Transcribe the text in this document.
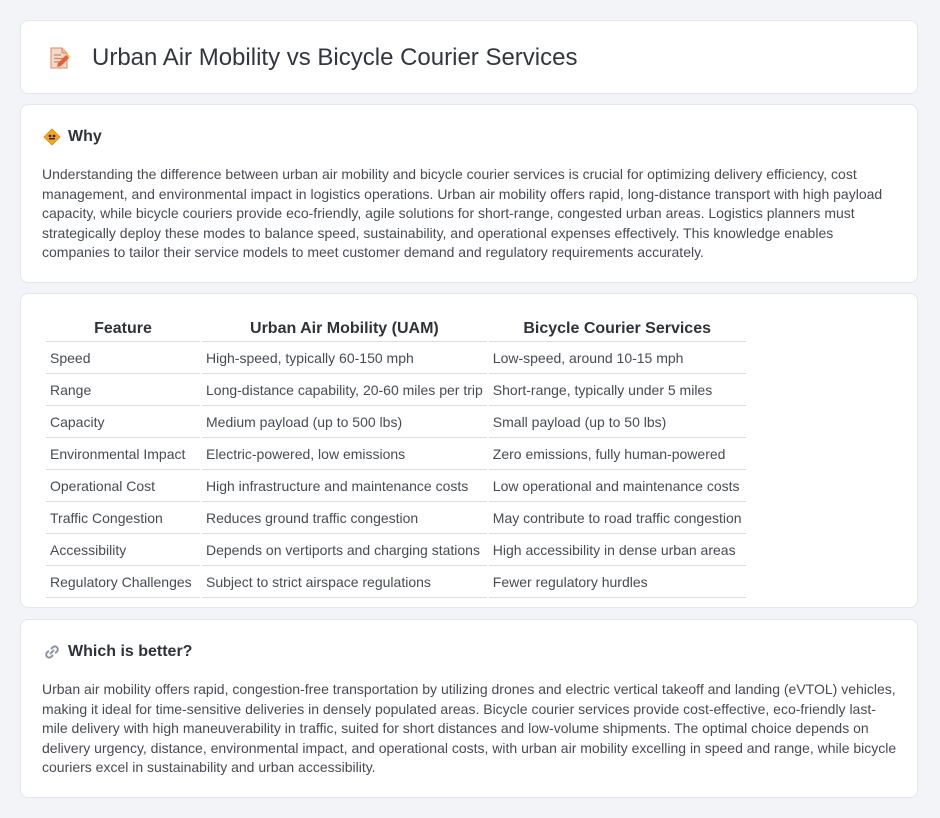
Urban Air Mobility vs Bicycle Courier Services
Why

Understanding the difference between urban air mobility and bicycle courier services is crucial for optimizing delivery efficiency, cost management, and environmental impact in logistics operations. Urban air mobility offers rapid, long-distance transport with high payload capacity, while bicycle couriers provide eco-friendly, agile solutions for short-range, congested urban areas. Logistics planners must strategically deploy these modes to balance speed, sustainability, and operational expenses effectively. This knowledge enables companies to tailor their service models to meet customer demand and regulatory requirements accurately.

Feature	Urban Air Mobility (UAM)	Bicycle Courier Services
Speed	High-speed, typically 60-150 mph	Low-speed, around 10-15 mph
Range	Long-distance capability, 20-60 miles per trip	Short-range, typically under 5 miles
Capacity	Medium payload (up to 500 lbs)	Small payload (up to 50 lbs)
Environmental Impact	Electric-powered, low emissions	Zero emissions, fully human-powered
Operational Cost	High infrastructure and maintenance costs	Low operational and maintenance costs
Traffic Congestion	Reduces ground traffic congestion	May contribute to road traffic congestion
Accessibility	Depends on vertiports and charging stations	High accessibility in dense urban areas
Regulatory Challenges	Subject to strict airspace regulations	Fewer regulatory hurdles
Which is better?

Urban air mobility offers rapid, congestion-free transportation by utilizing drones and electric vertical takeoff and landing (eVTOL) vehicles, making it ideal for time-sensitive deliveries in densely populated areas. Bicycle courier services provide cost-effective, eco-friendly last-mile delivery with high maneuverability in traffic, suited for short distances and low-volume shipments. The optimal choice depends on delivery urgency, distance, environmental impact, and operational costs, with urban air mobility excelling in speed and range, while bicycle couriers excel in sustainability and urban accessibility.
